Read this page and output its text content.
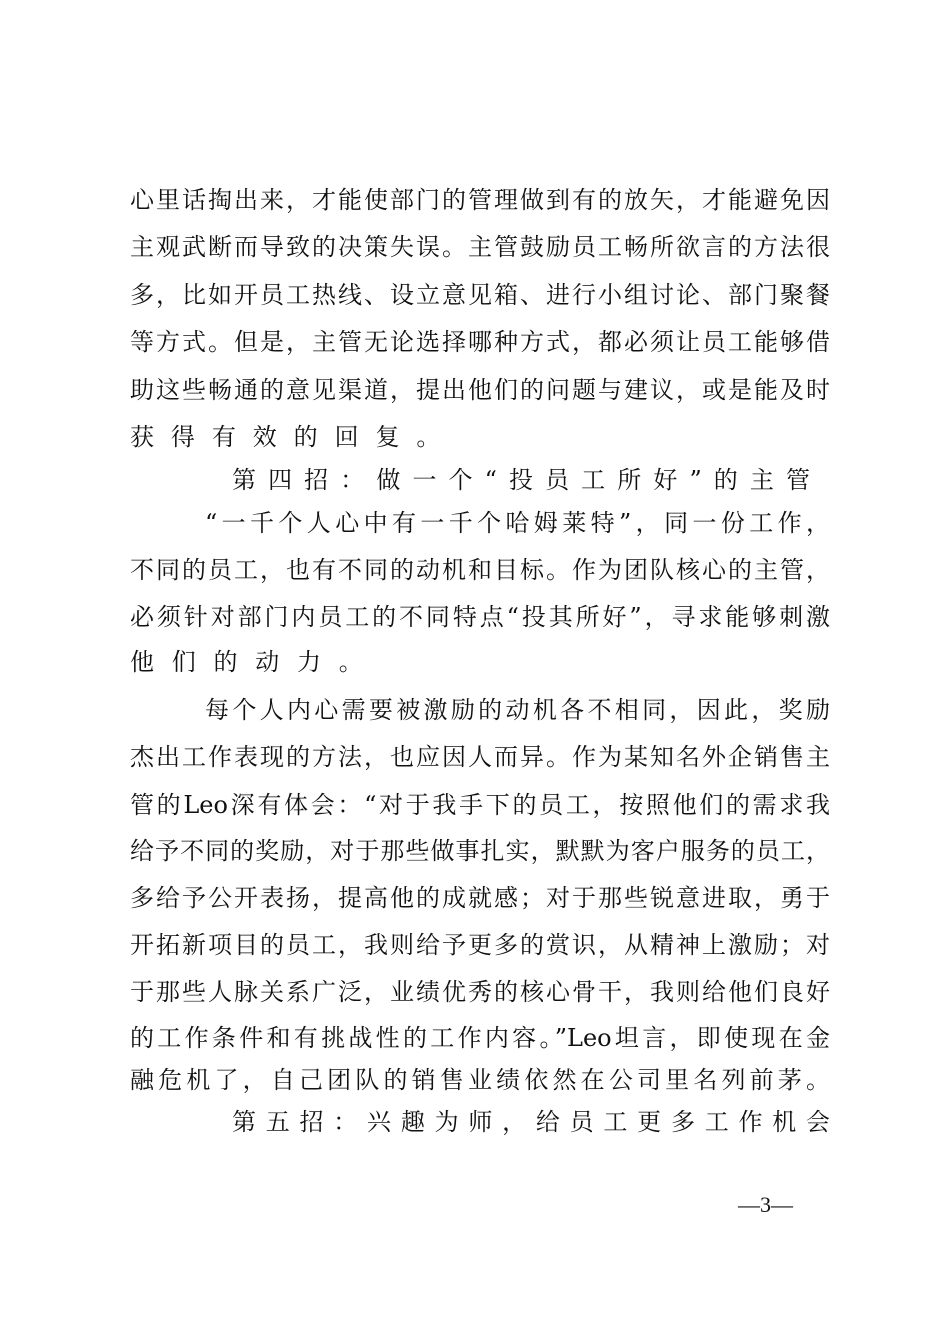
心里话掏出来，才能使部门的管理做到有的放矢，才能避免因
主观武断而导致的决策失误。主管鼓励员工畅所欲言的方法很
多，比如开员工热线、设立意见箱、进行小组讨论、部门聚餐
等方式。但是，主管无论选择哪种方式，都必须让员工能够借
助这些畅通的意见渠道，提出他们的问题与建议，或是能及时
获得有效的回复。
第四招：做一个“投员工所好”的主管
“一千个人心中有一千个哈姆莱特”，同一份工作，
不同的员工，也有不同的动机和目标。作为团队核心的主管，
必须针对部门内员工的不同特点“投其所好”，寻求能够刺激
他们的动力。
每个人内心需要被激励的动机各不相同，因此，奖励
杰出工作表现的方法，也应因人而异。作为某知名外企销售主
管的Leo深有体会：“对于我手下的员工，按照他们的需求我
给予不同的奖励，对于那些做事扎实，默默为客户服务的员工，
多给予公开表扬，提高他的成就感；对于那些锐意进取，勇于
开拓新项目的员工，我则给予更多的赏识，从精神上激励；对
于那些人脉关系广泛，业绩优秀的核心骨干，我则给他们良好
的工作条件和有挑战性的工作内容。”Leo坦言，即使现在金
融危机了，自己团队的销售业绩依然在公司里名列前茅。
第五招：兴趣为师，给员工更多工作机会
—3—
